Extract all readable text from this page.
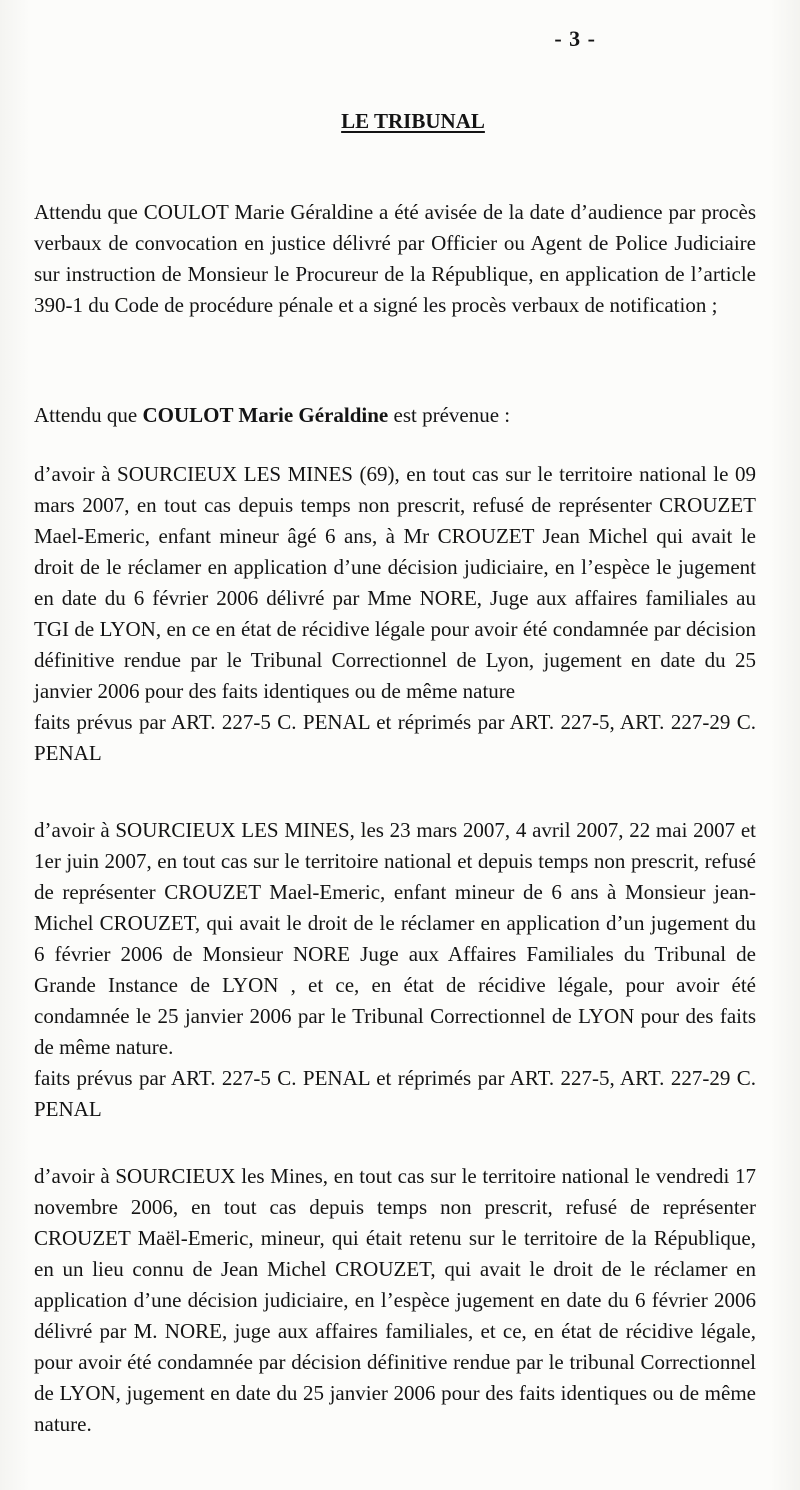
- 3 -
LE TRIBUNAL

Attendu que COULOT Marie Géraldine a été avisée de la date d’audience par procès verbaux de convocation en justice délivré par Officier ou Agent de Police Judiciaire sur instruction de Monsieur le Procureur de la République, en application de l’article 390-1 du Code de procédure pénale et a signé les procès verbaux de notification ;

Attendu que COULOT Marie Géraldine est prévenue :

d’avoir à SOURCIEUX LES MINES (69), en tout cas sur le territoire national le 09 mars 2007, en tout cas depuis temps non prescrit, refusé de représenter CROUZET Mael-Emeric, enfant mineur âgé 6 ans, à Mr CROUZET Jean Michel qui avait le droit de le réclamer en application d’une décision judiciaire, en l’espèce le jugement en date du 6 février 2006 délivré par Mme NORE, Juge aux affaires familiales au TGI de LYON, en ce en état de récidive légale pour avoir été condamnée par décision définitive rendue par le Tribunal Correctionnel de Lyon, jugement en date du 25 janvier 2006 pour des faits identiques ou de même nature
faits prévus par ART. 227-5 C. PENAL et réprimés par ART. 227-5, ART. 227-29 C. PENAL

d’avoir à SOURCIEUX LES MINES, les 23 mars 2007, 4 avril 2007, 22 mai 2007 et 1er juin 2007, en tout cas sur le territoire national et depuis temps non prescrit, refusé de représenter CROUZET Mael-Emeric, enfant mineur de 6 ans à Monsieur jean-Michel CROUZET, qui avait le droit de le réclamer en application d’un jugement du 6 février 2006 de Monsieur NORE Juge aux Affaires Familiales du Tribunal de Grande Instance de LYON , et ce, en état de récidive légale, pour avoir été condamnée le 25 janvier 2006 par le Tribunal Correctionnel de LYON pour des faits de même nature.
faits prévus par ART. 227-5 C. PENAL et réprimés par ART. 227-5, ART. 227-29 C. PENAL

d’avoir à SOURCIEUX les Mines, en tout cas sur le territoire national le vendredi 17 novembre 2006, en tout cas depuis temps non prescrit, refusé de représenter CROUZET Maël-Emeric, mineur, qui était retenu sur le territoire de la République, en un lieu connu de Jean Michel CROUZET, qui avait le droit de le réclamer en application d’une décision judiciaire, en l’espèce jugement en date du 6 février 2006 délivré par M. NORE, juge aux affaires familiales, et ce, en état de récidive légale, pour avoir été condamnée par décision définitive rendue par le tribunal Correctionnel de LYON, jugement en date du 25 janvier 2006 pour des faits identiques ou de même nature.
